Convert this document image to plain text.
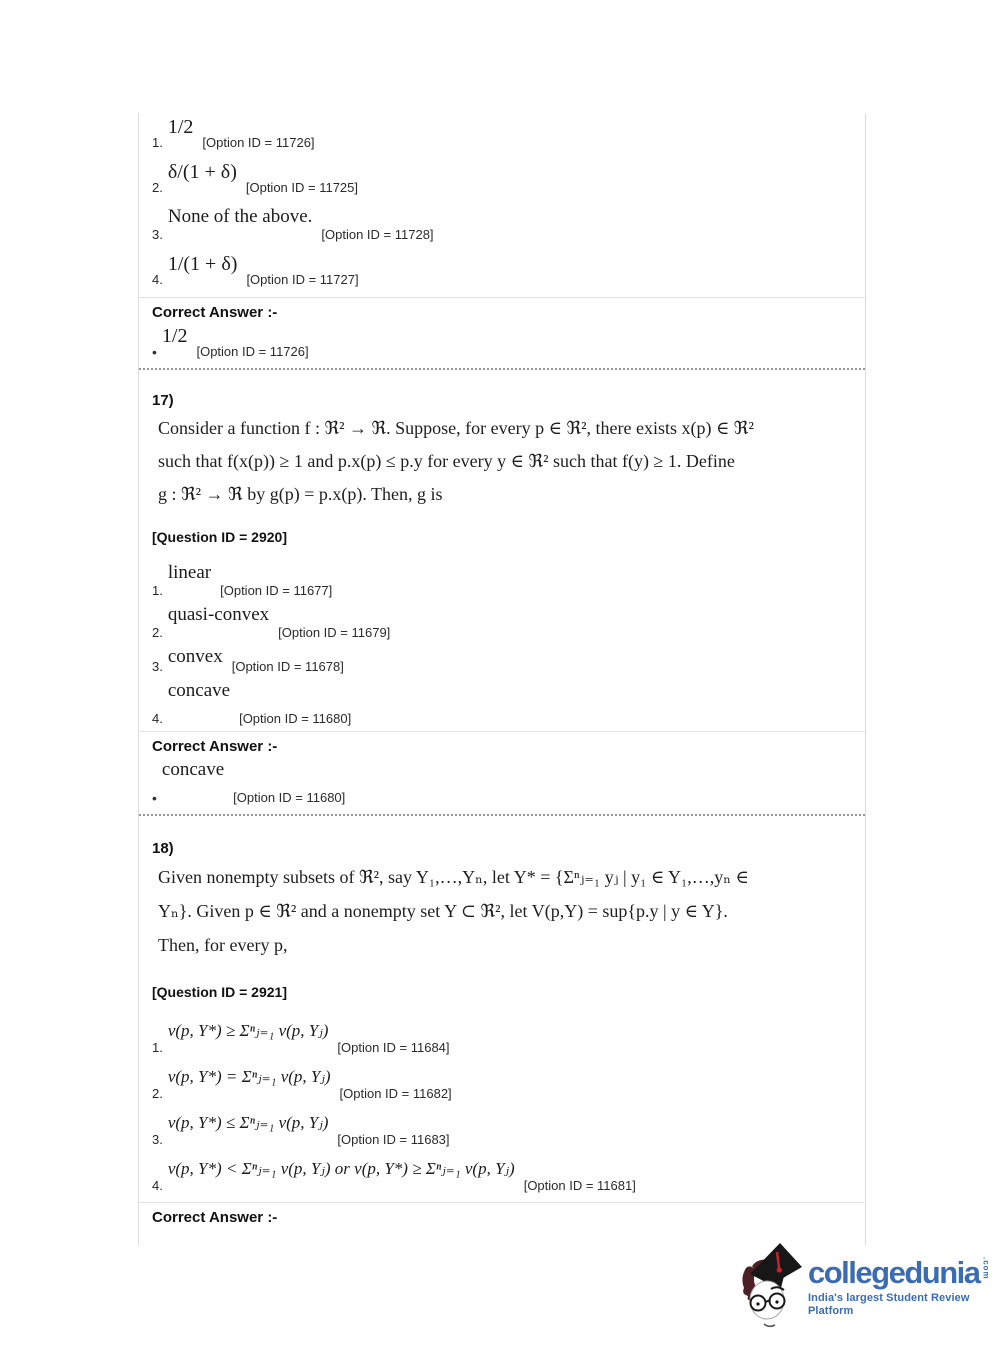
1.
1/2
[Option ID = 11726]
2.
δ/(1 + δ)
[Option ID = 11725]
3.
None of the above.
[Option ID = 11728]
4.
1/(1 + δ)
[Option ID = 11727]
Correct Answer :-
•
1/2
[Option ID = 11726]
17)
Consider a function f : ℜ² → ℜ. Suppose, for every p ∈ ℜ², there exists x(p) ∈ ℜ²
such that f(x(p)) ≥ 1 and p.x(p) ≤ p.y for every y ∈ ℜ² such that f(y) ≥ 1. Define
g : ℜ² → ℜ by g(p) = p.x(p). Then, g is
[Question ID = 2920]
1.
linear
[Option ID = 11677]
2.
quasi-convex
[Option ID = 11679]
3. convex [Option ID = 11678]
4.
concave
[Option ID = 11680]
Correct Answer :-
•
concave
[Option ID = 11680]
18)
Given nonempty subsets of ℜ², say Y₁,…,Yₙ, let Y* = {Σⁿⱼ₌₁ yⱼ | y₁ ∈ Y₁,…,yₙ ∈
Yₙ}. Given p ∈ ℜ² and a nonempty set Y ⊂ ℜ², let V(p,Y) = sup{p.y | y ∈ Y}.
Then, for every p,
[Question ID = 2921]
1.
v(p, Y*) ≥ Σⁿⱼ₌₁ v(p, Yⱼ)
[Option ID = 11684]
2.
v(p, Y*) = Σⁿⱼ₌₁ v(p, Yⱼ)
[Option ID = 11682]
3.
v(p, Y*) ≤ Σⁿⱼ₌₁ v(p, Yⱼ)
[Option ID = 11683]
4.
v(p, Y*) < Σⁿⱼ₌₁ v(p, Yⱼ) or v(p, Y*) ≥ Σⁿⱼ₌₁ v(p, Yⱼ)
[Option ID = 11681]
Correct Answer :-
collegedunia .com
India's largest Student Review Platform
